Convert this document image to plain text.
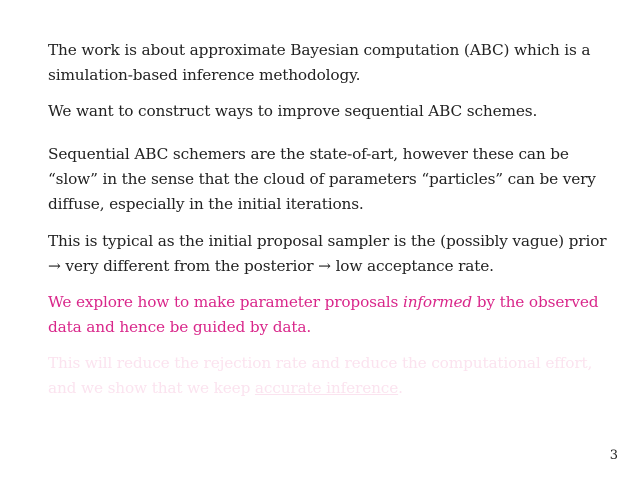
The work is about approximate Bayesian computation (ABC) which is a simulation-based inference methodology.

We want to construct ways to improve sequential ABC schemes.

Sequential ABC schemers are the state-of-art, however these can be “slow” in the sense that the cloud of parameters “particles” can be very diffuse, especially in the initial iterations.

This is typical as the initial proposal sampler is the (possibly vague) prior → very different from the posterior → low acceptance rate.

We explore how to make parameter proposals informed by the observed data and hence be guided by data.

This will reduce the rejection rate and reduce the computational effort, and we show that we keep accurate inference.

3
